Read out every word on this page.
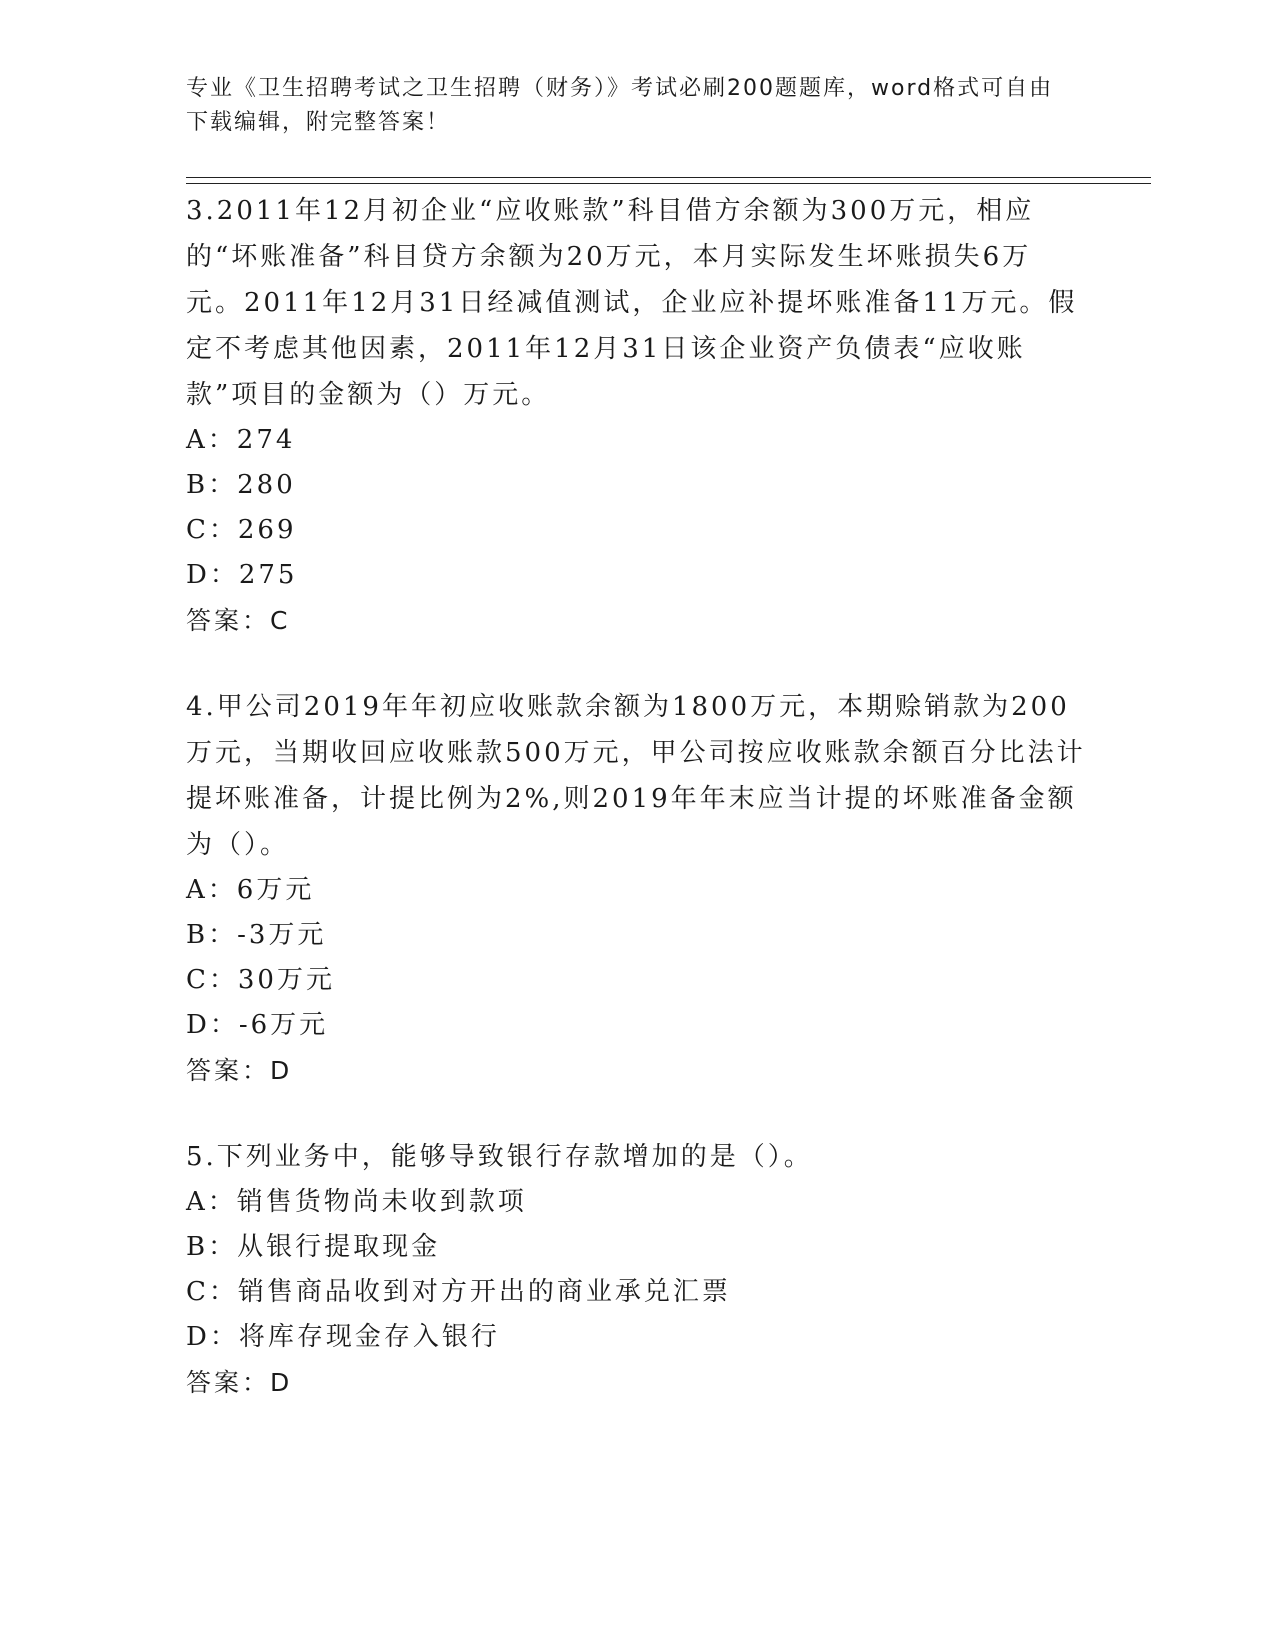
专业《卫生招聘考试之卫生招聘（财务）》考试必刷200题题库，word格式可自由下载编辑，附完整答案！
3.2011年12月初企业“应收账款”科目借方余额为300万元，相应的“坏账准备”科目贷方余额为20万元，本月实际发生坏账损失6万元。2011年12月31日经减值测试，企业应补提坏账准备11万元。假定不考虑其他因素，2011年12月31日该企业资产负债表“应收账款”项目的金额为（）万元。
A：274
B：280
C：269
D：275
答案：C
4.甲公司2019年年初应收账款余额为1800万元，本期赊销款为200万元，当期收回应收账款500万元，甲公司按应收账款余额百分比法计提坏账准备，计提比例为2%,则2019年年末应当计提的坏账准备金额为（）。
A：6万元
B：-3万元
C：30万元
D：-6万元
答案：D
5.下列业务中，能够导致银行存款增加的是（）。
A：销售货物尚未收到款项
B：从银行提取现金
C：销售商品收到对方开出的商业承兑汇票
D：将库存现金存入银行
答案：D
